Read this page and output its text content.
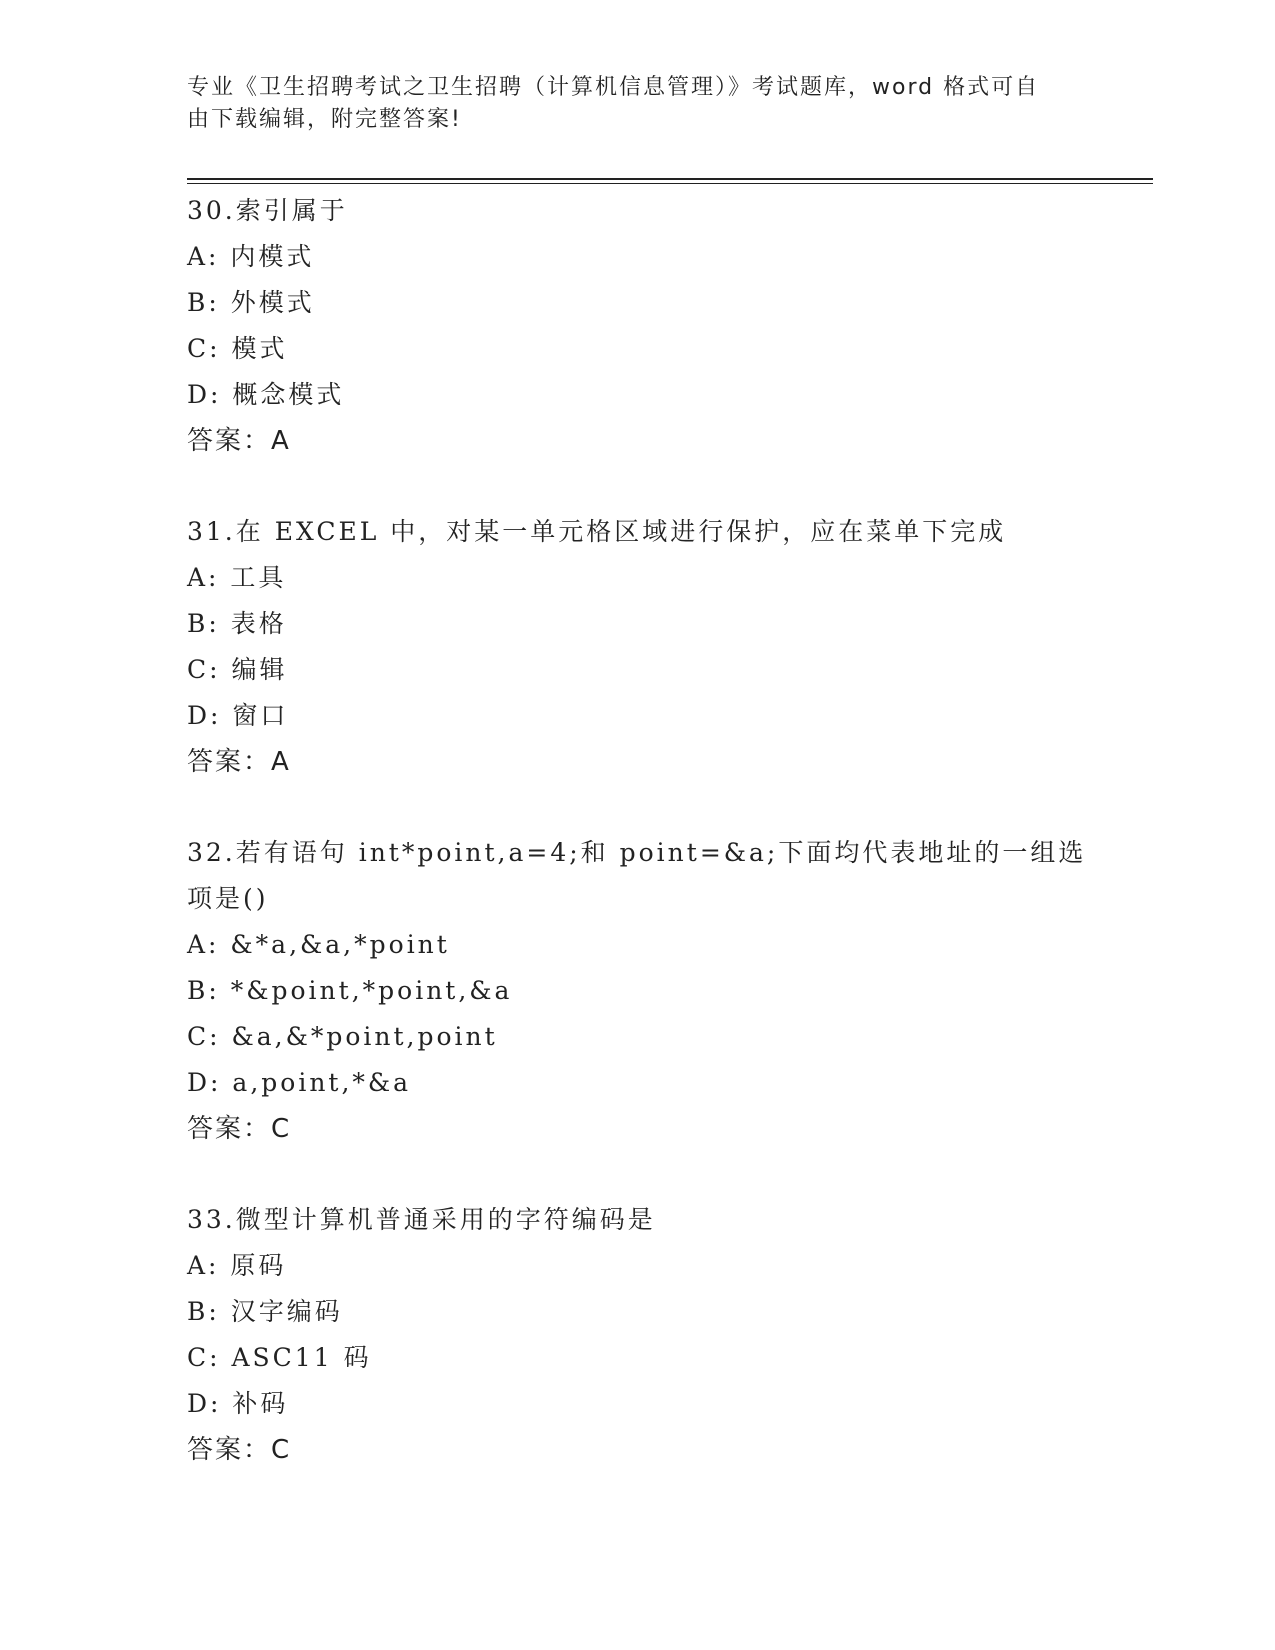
专业《卫生招聘考试之卫生招聘（计算机信息管理）》考试题库，word 格式可自
由下载编辑，附完整答案!
30.索引属于
A: 内模式
B: 外模式
C: 模式
D: 概念模式
答案：A
31.在 EXCEL 中，对某一单元格区域进行保护，应在菜单下完成
A: 工具
B: 表格
C: 编辑
D: 窗口
答案：A
32.若有语句 int*point,a=4;和 point=&a;下面均代表地址的一组选项是()
A: &*a,&a,*point
B: *&point,*point,&a
C: &a,&*point,point
D: a,point,*&a
答案：C
33.微型计算机普通采用的字符编码是
A: 原码
B: 汉字编码
C: ASC11 码
D: 补码
答案：C
